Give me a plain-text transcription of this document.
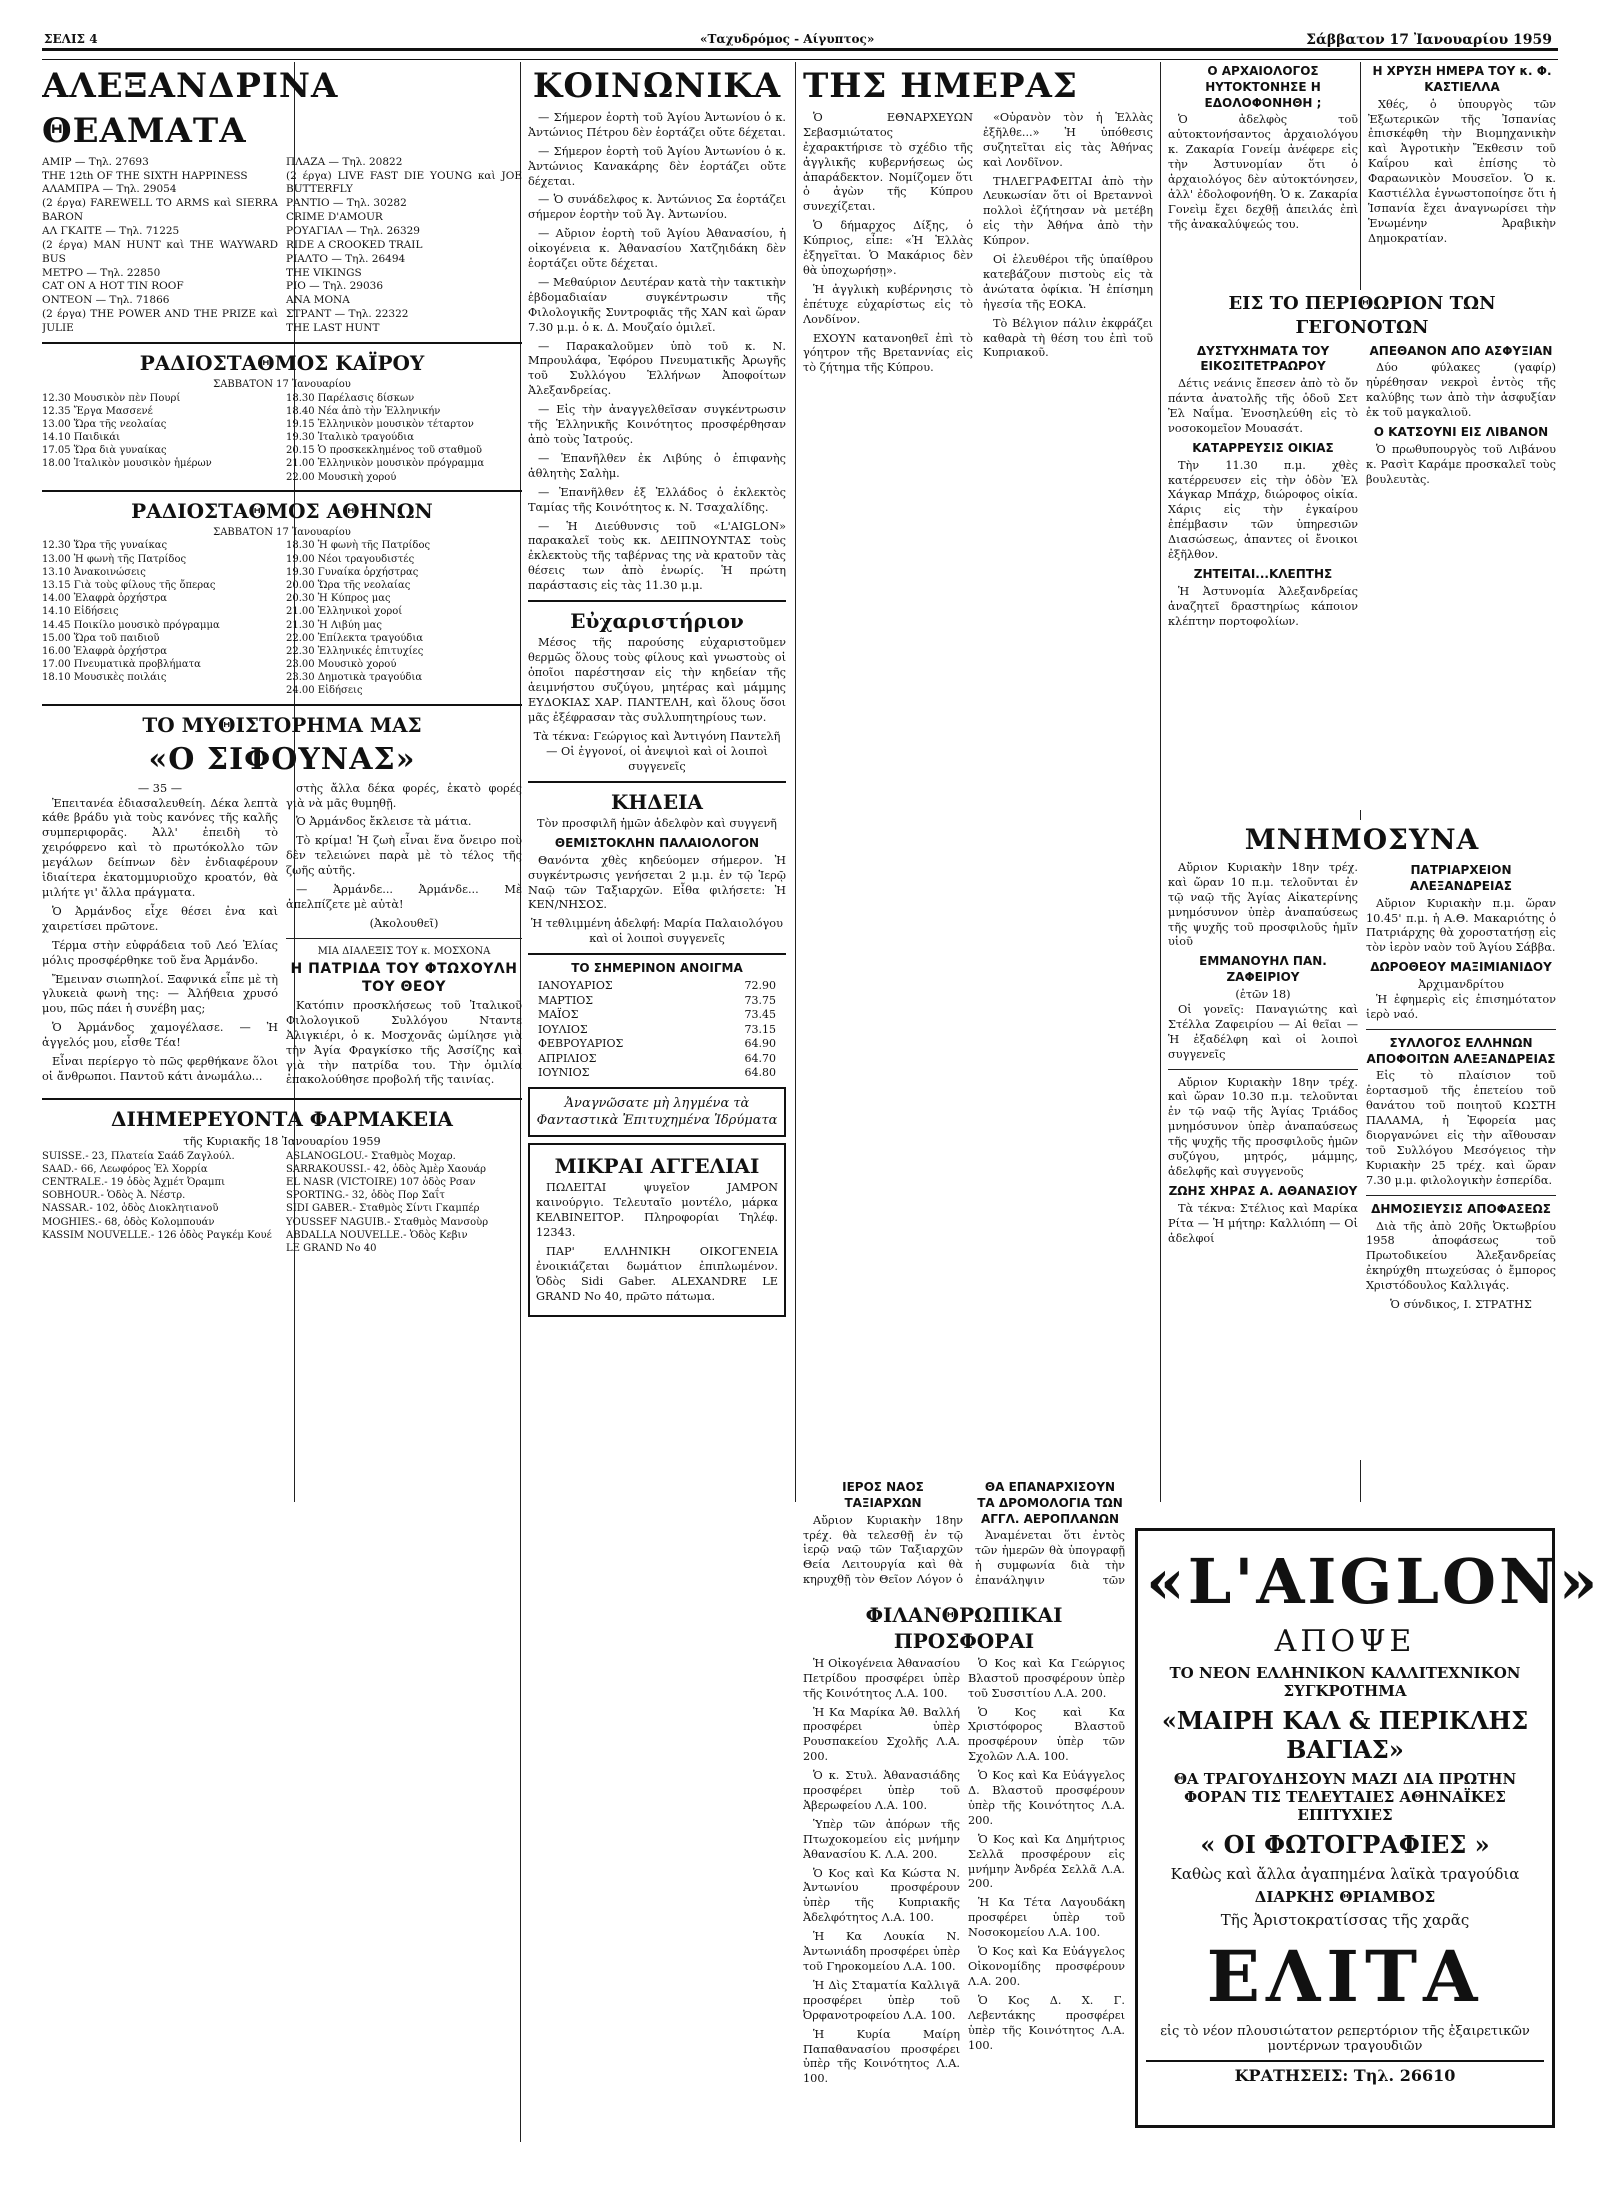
ΣΕΛΙΣ 4	«Ταχυδρόμος - Αίγυπτος»	Σάββατον 17 Ἰανουαρίου 1959
ΑΛΕΞΑΝΔΡΙΝΑ ΘΕΑΜΑΤΑ
ΑΜΙΡ — Τηλ. 27693
THE 12th OF THE SIXTH HAPPINESS
ΑΛΑΜΠΡΑ — Τηλ. 29054
(2 έργα) FAREWELL TO ARMS καὶ SIERRA BARON
ΑΛ ΓΚΑΙΤΕ — Τηλ. 71225
(2 έργα) MAN HUNT καὶ THE WAYWARD BUS
ΜΕΤΡΟ — Τηλ. 22850
CAT ON A HOT TIN ROOF
ΟΝΤΕΟΝ — Τηλ. 71866
(2 έργα) THE POWER AND THE PRIZE καὶ JULIE
ΠΛΑΖΑ — Τηλ. 20822
(2 έργα) LIVE FAST DIE YOUNG καὶ JOE BUTTERFLY
ΡΑΝΤΙΟ — Τηλ. 30282
CRIME D'AMOUR
ΡΟΥΑΓΙΑΛ — Τηλ. 26329
RIDE A CROOKED TRAIL
ΡΙΑΛΤΟ — Τηλ. 26494
THE VIKINGS
ΡΙΟ — Τηλ. 29036
ΑΝΑ ΜΟΝΑ
ΣΤΡΑΝΤ — Τηλ. 22322
THE LAST HUNT
ΡΑΔΙΟΣΤΑΘΜΟΣ ΚΑΪΡΟΥ
ΣΑΒΒΑΤΟΝ 17 Ἰανουαρίου
12.30 Μουσικὸν πὲν Πουρί
12.35 Ἔργα Μασσενέ
13.00 Ὥρα τῆς νεολαίας
14.10 Παιδικάι
17.05 Ὥρα διὰ γυναίκας
18.00 Ἰταλικὸν μουσικὸν ἡμέρων
18.30 Παρέλασις δίσκων
18.40 Νέα ἀπὸ τὴν Ἑλληνικήν
19.15 Ἑλληνικὸν μουσικὸν τέταρτον
19.30 Ἰταλικὸ τραγούδια
20.15 Ὁ προσκεκλημένος τοῦ σταθμοῦ
21.00 Ἑλληνικὸν μουσικὸν πρόγραμμα
22.00 Μουσικὴ χορού
ΡΑΔΙΟΣΤΑΘΜΟΣ ΑΘΗΝΩΝ
ΣΑΒΒΑΤΟΝ 17 Ἰανουαρίου
12.30 Ὥρα τῆς γυναίκας
13.00 Ἡ φωνὴ τῆς Πατρίδος
13.10 Ἀνακοινώσεις
13.15 Γιὰ τοὺς φίλους τῆς ὄπερας
14.00 Ἑλαφρὰ ὀρχήστρα
14.10 Εἰδήσεις
14.45 Ποικίλο μουσικὸ πρόγραμμα
15.00 Ὥρα τοῦ παιδιοῦ
16.00 Ἑλαφρὰ ὀρχήστρα
17.00 Πνευματικὰ προβλήματα
18.10 Μουσικὲς ποιλάις
18.30 Ἡ φωνὴ τῆς Πατρίδος
19.00 Νέοι τραγουδιστές
19.30 Γυναίκα ὀρχήστρας
20.00 Ὥρα τῆς νεολαίας
20.30 Ἡ Κύπρος μας
21.00 Ἑλληνικοὶ χοροί
21.30 Ἡ Λιβύη μας
22.00 Ἐπίλεκτα τραγούδια
22.30 Ἑλληνικές ἐπιτυχίες
23.00 Μουσικὸ χορού
23.30 Δημοτικὰ τραγούδια
24.00 Εἰδήσεις
ΤΟ ΜΥΘΙΣΤΟΡΗΜΑ ΜΑΣ
«Ο ΣΙΦΟΥΝΑΣ»
— 35 —

Ἐπειτανέα ἐδιασαλευθείη. Δέκα λεπτὰ κάθε βράδυ γιὰ τοὺς κανόνες τῆς καλῆς συμπεριφορᾶς. Ἀλλ' ἐπειδὴ τὸ χειρόφρενο καὶ τὸ πρωτόκολλο τῶν μεγάλων δείπνων δὲν ἐνδιαφέρουν ἰδιαίτερα ἐκατομμυριοῦχο κροατόν, θὰ μιλήτε γι' ἄλλα πράγματα.

Ὁ Ἀρμάνδος εἶχε θέσει ἐνα καὶ χαιρετίσει πρῶτονε.

Τέρμα στὴν εὐφράδεια τοῦ Λεό Ἐλίας μόλις προσφέρθηκε τοῦ ἔνα Ἀρμάνδο.

Ἔμειναν σιωπηλοί. Ξαφνικά εἶπε μὲ τὴ γλυκειὰ φωνὴ της: — Ἀλήθεια χρυσό μου, πῶς πάει ἡ συνέβη μας;

Ὁ Ἀρμάνδος χαμογέλασε. — Ἡ ἀγγελός μου, εἶσθε Τέα!

Εἶναι περίεργο τὸ πῶς φερθήκανε ὅλοι οἱ ἄνθρωποι. Παντοῦ κάτι ἀνωμάλω...

στὴς ἄλλα δέκα φορές, ἑκατὸ φορές γιὰ νὰ μᾶς θυμηθῇ.

Ὁ Ἀρμάνδος ἔκλεισε τὰ μάτια.

Τὸ κρίμα! Ἡ ζωὴ εἶναι ἕνα ὄνειρο ποὺ δὲν τελειώνει παρὰ μὲ τὸ τέλος τῆς ζωῆς αὐτῆς.

— Ἀρμάνδε... Ἀρμάνδε... Μὲ ἀπελπίζετε μὲ αὐτὰ!

(Ἀκολουθεῖ)
ΜΙΑ ΔΙΑΛΕΞΙΣ ΤΟΥ κ. ΜΟΣΧΟΝΑ
Η ΠΑΤΡΙΔΑ ΤΟΥ ΦΤΩΧΟΥΛΗ ΤΟΥ ΘΕΟΥ

Κατόπιν προσκλήσεως τοῦ Ἰταλικοῦ Φιλολογικοῦ Συλλόγου Νταντε Ἀλιγκιέρι, ὁ κ. Μοσχονᾶς ὡμίλησε γιὰ τὴν Ἀγία Φραγκίσκο τῆς Ἀσσίζης καὶ γιὰ τὴν πατρίδα του. Τὴν ὁμιλία ἐπακολούθησε προβολή τῆς ταινίας.

ΔΙΗΜΕΡΕΥΟΝΤΑ ΦΑΡΜΑΚΕΙΑ
τῆς Κυριακῆς 18 Ἰανουαρίου 1959
SUISSE.- 23, Πλατεία Σαάδ Ζαγλούλ.
SAAD.- 66, Λεωφόρος Ἐλ Χορρία
CENTRALE.- 19 ὁδὸς Ἀχμέτ Ὀραμπι
SOBHOUR.- Ὁδὸς Ἀ. Νέστρ.
NASSAR.- 102, ὁδὸς Διοκλητιανοῦ
MOGHIES.- 68, ὁδὸς Κολομπουάν
KASSIM NOUVELLE.- 126 ὁδὸς Ραγκέμ Κουέ
ASLANOGLOU.- Σταθμὸς Μοχαρ.
SARRAKOUSSI.- 42, ὁδὸς Ἀμὲρ Χαουάρ
EL NASR (VICTOIRE) 107 ὁδὸς Ρσαν
SPORTING.- 32, ὁδὸς Πορ Σαΐτ
SIDI GABER.- Σταθμὸς Σίντι Γκαμπέρ
YOUSSEF NAGUIB.- Σταθμὸς Μανσοὺρ
ABDALLA NOUVELLE.- Ὁδὸς Κεβιν
LE GRAND No 40
ΚΟΙΝΩΝΙΚΑ

— Σήμερον ἑορτὴ τοῦ Ἁγίου Ἀντωνίου ὁ κ. Ἀντώνιος Πέτρου δὲν ἑορτάζει οὔτε δέχεται.

— Σήμερον ἑορτὴ τοῦ Ἁγίου Ἀντωνίου ὁ κ. Ἀντώνιος Κανακάρης δὲν ἑορτάζει οὔτε δέχεται.

— Ὁ συνάδελφος κ. Ἀντώνιος Σα ἑορτάζει σήμερον ἑορτὴν τοῦ Ἁγ. Ἀντωνίου.

— Αὔριον ἑορτὴ τοῦ Ἁγίου Ἀθανασίου, ἡ οἰκογένεια κ. Ἀθανασίου Χατζηιδάκη δὲν ἑορτάζει οὔτε δέχεται.

— Μεθαύριον Δευτέραν κατὰ τὴν τακτικὴν ἑβδομαδιαίαν συγκέντρωσιν τῆς Φιλολογικῆς Συντροφιᾶς τῆς ΧΑΝ καὶ ὥραν 7.30 μ.μ. ὁ κ. Δ. Μουζαίο ὁμιλεῖ.

— Παρακαλοῦμεν ὑπὸ τοῦ κ. Ν. Μπρουλάφα, Ἐφόρου Πνευματικῆς Ἀρωγῆς τοῦ Συλλόγου Ἑλλήνων Ἀποφοίτων Ἀλεξανδρείας.

— Εἰς τὴν ἀναγγελθεῖσαν συγκέντρωσιν τῆς Ἑλληνικῆς Κοινότητος προσφέρθησαν ἀπὸ τοὺς Ἰατρούς.

— Ἐπανῆλθεν ἐκ Λιβύης ὁ ἐπιφανὴς ἀθλητὴς Σαλὴμ.

— Ἐπανῆλθεν ἐξ Ἑλλάδος ὁ ἐκλεκτὸς Ταμίας τῆς Κοινότητος κ. Ν. Τσαχαλίδης.

— Ἡ Διεύθυνσις τοῦ «L'AIGLON» παρακαλεῖ τοὺς κκ. ΔΕΙΠΝΟΥΝΤΑΣ τοὺς ἐκλεκτοὺς τῆς ταβέρνας της νὰ κρατοῦν τὰς θέσεις των ἀπὸ ἐνωρίς. Ἡ πρώτη παράστασις εἰς τὰς 11.30 μ.μ.

Εὐχαριστήριον

Μέσος τῆς παρούσης εὐχαριστοῦμεν θερμῶς ὅλους τοὺς φίλους καὶ γνωστοὺς οἱ ὁποῖοι παρέστησαν εἰς τὴν κηδείαν τῆς ἀειμνήστου συζύγου, μητέρας καὶ μάμμης ΕΥΔΟΚΙΑΣ ΧΑΡ. ΠΑΝΤΕΛΗ, καὶ ὅλους ὅσοι μᾶς ἐξέφρασαν τὰς συλλυπητηρίους των.

Τὰ τέκνα: Γεώργιος καὶ Ἀντιγόνη Παντελῆ — Οἱ ἐγγονοί, οἱ ἀνεψιοὶ καὶ οἱ λοιποὶ συγγενεῖς

ΚΗΔΕΙΑ

Τὸν προσφιλῆ ἡμῶν ἀδελφὸν καὶ συγγενῆ

ΘΕΜΙΣΤΟΚΛΗΝ ΠΑΛΑΙΟΛΟΓΟΝ

Θανόντα χθὲς κηδεύομεν σήμερον. Ἡ συγκέντρωσις γενήσεται 2 μ.μ. ἐν τῷ Ἱερῷ Ναῷ τῶν Ταξιαρχῶν. Εἶθα φιλήσετε: Ἡ ΚΕΝ/ΝΗΣΟΣ.

Ἡ τεθλιμμένη ἀδελφή: Μαρία Παλαιολόγου καὶ οἱ λοιποὶ συγγενεῖς

ΤΟ ΣΗΜΕΡΙΝΟΝ ΑΝΟΙΓΜΑ
ΙΑΝΟΥΑΡΙΟΣ	72.90
ΜΑΡΤΙΟΣ	73.75
ΜΑΪΟΣ	73.45
ΙΟΥΛΙΟΣ	73.15
ΦΕΒΡΟΥΑΡΙΟΣ	64.90
ΑΠΡΙΛΙΟΣ	64.70
ΙΟΥΝΙΟΣ	64.80
Ἀναγνῶσατε μὴ ληγμένα τὰ Φανταστικὰ Ἐπιτυχημένα Ἱδρύματα
ΜΙΚΡΑΙ ΑΓΓΕΛΙΑΙ

ΠΩΛΕΙΤΑΙ ψυγεῖον JAMPON καινούργιο. Τελευταῖο μοντέλο, μάρκα ΚΕΛΒΙΝΕΙΤΟΡ. Πληροφορίαι Τηλέφ. 12343.

ΠΑΡ' ΕΛΛΗΝΙΚΗ ΟΙΚΟΓΕΝΕΙΑ ἐνοικιάζεται δωμάτιον ἐπιπλωμένον. Ὁδὸς Sidi Gaber. ALEXANDRE LE GRAND No 40, πρῶτο πάτωμα.

ΤΗΣ ΗΜΕΡΑΣ

Ὁ ΕΘΝΑΡΧΕΥΩΝ Σεβασμιώτατος ἐχαρακτήρισε τὸ σχέδιο τῆς ἀγγλικῆς κυβερνήσεως ὡς ἀπαράδεκτον. Νομίζομεν ὅτι ὁ ἀγὼν τῆς Κύπρου συνεχίζεται.

Ὁ δήμαρχος Δίξης, ὁ Κύπριος, εἶπε: «Ἡ Ἑλλὰς ἐξηγεῖται. Ὁ Μακάριος δὲν θὰ ὑποχωρήσῃ».

Ἡ ἀγγλικὴ κυβέρνησις τὸ ἐπέτυχε εὐχαρίστως εἰς τὸ Λονδίνον.

ΕΧΟΥΝ κατανοηθεῖ ἐπὶ τὸ γόητρον τῆς Βρεταννίας εἰς τὸ ζήτημα τῆς Κύπρου.

«Οὐρανὸν τὸν ἡ Ἑλλὰς ἐξῆλθε...» Ἡ ὑπόθεσις συζητεῖται εἰς τὰς Ἀθήνας καὶ Λονδῖνον.

ΤΗΛΕΓΡΑΦΕΙΤΑΙ ἀπὸ τὴν Λευκωσίαν ὅτι οἱ Βρεταννοὶ πολλοὶ ἐζήτησαν νὰ μετέβη εἰς τὴν Ἀθήνα ἀπὸ τὴν Κύπρον.

Οἱ ἐλευθέροι τῆς ὑπαίθρου κατεβάζουν πιστοὺς εἰς τὰ ἀνώτατα ὀφίκια. Ἡ ἐπίσημη ἡγεσία τῆς ΕΟΚΑ.

Τὸ Βέλγιον πάλιν ἐκφράζει καθαρὰ τὴ θέση του ἐπὶ τοῦ Κυπριακοῦ.

Ο ΑΡΧΑΙΟΛΟΓΟΣ ΗΥΤΟΚΤΟΝΗΣΕ Η ΕΔΟΛΟΦΟΝΗΘΗ ;

Ὁ ἀδελφὸς τοῦ αὐτοκτονήσαντος ἀρχαιολόγου κ. Ζακαρία Γονείμ ἀνέφερε εἰς τὴν Ἀστυνομίαν ὅτι ὁ ἀρχαιολόγος δὲν αὐτοκτόνησεν, ἀλλ' ἐδολοφονήθη. Ὁ κ. Ζακαρία Γονεὶμ ἔχει δεχθῇ ἀπειλάς ἐπὶ τῆς ἀνακαλύψεώς του.

Η ΧΡΥΣΗ ΗΜΕΡΑ ΤΟΥ κ. Φ. ΚΑΣΤΙΕΛΛΑ

Χθές, ὁ ὑπουργὸς τῶν Ἐξωτερικῶν τῆς Ἰσπανίας ἐπισκέφθη τὴν Βιομηχανικὴν καὶ Ἀγροτικὴν Ἔκθεσιν τοῦ Καΐρου καὶ ἐπίσης τὸ Φαραωνικὸν Μουσεῖον. Ὁ κ. Καστιέλλα ἐγνωστοποίησε ὅτι ἡ Ἱσπανία ἔχει ἀναγνωρίσει τὴν Ἑνωμένην Ἀραβικὴν Δημοκρατίαν.

ΕΙΣ ΤΟ ΠΕΡΙΘΩΡΙΟΝ ΤΩΝ ΓΕΓΟΝΟΤΩΝ
ΔΥΣΤΥΧΗΜΑΤΑ ΤΟΥ ΕΙΚΟΣΙΤΕΤΡΑΩΡΟΥ

Δέτις νεάνις ἔπεσεν ἀπὸ τὸ ὄν πάντα ἀνατολῆς τῆς ὁδοῦ Σετ Ἐλ Ναΐμα. Ἐνοσηλεύθη εἰς τὸ νοσοκομεῖον Μουασάτ.

ΚΑΤΑΡΡΕΥΣΙΣ ΟΙΚΙΑΣ

Τὴν 11.30 π.μ. χθὲς κατέρρευσεν εἰς τὴν ὁδὸν Ἐλ Χάγκαρ Μπάχρ, διώροφος οἰκία. Χάρις εἰς τὴν ἐγκαίρου ἐπέμβασιν τῶν ὑπηρεσιῶν Διασώσεως, ἀπαντες οἱ ἔνοικοι ἐξῆλθον.

ΖΗΤΕΙΤΑΙ...ΚΛΕΠΤΗΣ

Ἡ Ἀστυνομία Ἀλεξανδρείας ἀναζητεῖ δραστηρίως κάποιον κλέπτην πορτοφολίων.

ΑΠΕΘΑΝΟΝ ΑΠΟ ΑΣΦΥΞΙΑΝ

Δύο φύλακες (γαφίρ) ηὑρέθησαν νεκροὶ ἐντὸς τῆς καλύβης των ἀπὸ τὴν ἀσφυξίαν ἐκ τοῦ μαγκαλιοῦ.

Ο ΚΑΤΣΟΥΝΙ ΕΙΣ ΛΙΒΑΝΟΝ

Ὁ πρωθυπουργὸς τοῦ Λιβάνου κ. Ρασὶτ Καράμε προσκαλεῖ τοὺς βουλευτὰς.

ΜΝΗΜΟΣΥΝΑ

Αὔριον Κυριακὴν 18ην τρέχ. καὶ ὥραν 10 π.μ. τελοῦνται ἐν τῷ ναῷ τῆς Ἁγίας Αἰκατερίνης μνημόσυνον ὑπὲρ ἀναπαύσεως τῆς ψυχῆς τοῦ προσφιλοῦς ἡμῖν υἱοῦ

ΕΜΜΑΝΟΥΗΛ ΠΑΝ. ΖΑΦΕΙΡΙΟΥ
(ἐτῶν 18)

Οἱ γονεῖς: Παναγιώτης καὶ Στέλλα Ζαφειρίου — Αἱ θεῖαι — Ἡ ἐξαδέλφη καὶ οἱ λοιποὶ συγγενεῖς

Αὔριον Κυριακὴν 18ην τρέχ. καὶ ὥραν 10.30 π.μ. τελοῦνται ἐν τῷ ναῷ τῆς Ἁγίας Τριάδος μνημόσυνον ὑπὲρ ἀναπαύσεως τῆς ψυχῆς τῆς προσφιλοῦς ἡμῶν συζύγου, μητρός, μάμμης, ἀδελφῆς καὶ συγγενοῦς

ΖΩΗΣ ΧΗΡΑΣ Α. ΑΘΑΝΑΣΙΟΥ

Τὰ τέκνα: Στέλιος καὶ Μαρίκα Ρίτα — Ἡ μήτηρ: Καλλιόπη — Οἱ ἀδελφοί

ΠΑΤΡΙΑΡΧΕΙΟΝ ΑΛΕΞΑΝΔΡΕΙΑΣ

Αὔριον Κυριακὴν π.μ. ὥραν 10.45' π.μ. ἡ Α.Θ. Μακαριότης ὁ Πατριάρχης θὰ χοροστατήσῃ εἰς τὸν ἱερὸν ναὸν τοῦ Ἁγίου Σάββα.

ΔΩΡΟΘΕΟΥ ΜΑΞΙΜΙΑΝΙΔΟΥ
Ἀρχιμανδρίτου

Ἡ ἐφημερὶς εἰς ἐπισημότατον ἱερὸ ναό.

ΣΥΛΛΟΓΟΣ ΕΛΛΗΝΩΝ ΑΠΟΦΟΙΤΩΝ ΑΛΕΞΑΝΔΡΕΙΑΣ

Εἰς τὸ πλαίσιον τοῦ ἑορτασμοῦ τῆς ἐπετείου τοῦ θανάτου τοῦ ποιητοῦ ΚΩΣΤΗ ΠΑΛΑΜΑ, ἡ Ἐφορεία μας διοργανώνει εἰς τὴν αἴθουσαν τοῦ Συλλόγου Μεσόγειος τὴν Κυριακὴν 25 τρέχ. καὶ ὥραν 7.30 μ.μ. φιλολογικὴν ἑσπερίδα.

ΔΗΜΟΣΙΕΥΣΙΣ ΑΠΟΦΑΣΕΩΣ

Διὰ τῆς ἀπὸ 20ῆς Ὀκτωβρίου 1958 ἀποφάσεως τοῦ Πρωτοδικείου Ἀλεξανδρείας ἐκηρύχθη πτωχεύσας ὁ ἔμπορος Χριστόδουλος Καλλιγάς.

Ὁ σύνδικος, Ι. ΣΤΡΑΤΗΣ

ΙΕΡΟΣ ΝΑΟΣ ΤΑΞΙΑΡΧΩΝ

Αὔριον Κυριακὴν 18ην τρέχ. θὰ τελεσθῇ ἐν τῷ ἱερῷ ναῷ τῶν Ταξιαρχῶν Θεία Λειτουργία καὶ θὰ κηρυχθῇ τὸν Θεῖον Λόγον ὁ

ΘΑ ΕΠΑΝΑΡΧΙΣΟΥΝ ΤΑ ΔΡΟΜΟΛΟΓΙΑ ΤΩΝ ΑΓΓΛ. ΑΕΡΟΠΛΑΝΩΝ

Ἀναμένεται ὅτι ἐντὸς τῶν ἡμερῶν θὰ ὑπογραφῇ ἡ συμφωνία διὰ τὴν ἐπανάληψιν τῶν

ΦΙΛΑΝΘΡΩΠΙΚΑΙ ΠΡΟΣΦΟΡΑΙ

Ἡ Οἰκογένεια Ἀθανασίου Πετρίδου προσφέρει ὑπὲρ τῆς Κοινότητος Λ.Α. 100.

Ἡ Κα Μαρίκα Ἀθ. Βαλλή προσφέρει ὑπὲρ Ρουσπακείου Σχολῆς Λ.Α. 200.

Ὁ κ. Στυλ. Ἀθανασιάδης προσφέρει ὑπὲρ τοῦ Ἀβερωφείου Λ.Α. 100.

Ὑπὲρ τῶν ἀπόρων τῆς Πτωχοκομείου εἰς μνήμην Ἀθανασίου Κ. Λ.Α. 200.

Ὁ Κος καὶ Κα Κώστα Ν. Ἀντωνίου προσφέρουν ὑπὲρ τῆς Κυπριακῆς Ἀδελφότητος Λ.Α. 100.

Ἡ Κα Λουκία Ν. Ἀντωνιάδη προσφέρει ὑπὲρ τοῦ Γηροκομείου Λ.Α. 100.

Ἡ Δὶς Σταματία Καλλιγᾶ προσφέρει ὑπὲρ τοῦ Ὀρφανοτροφείου Λ.Α. 100.

Ἡ Κυρία Μαίρη Παπαθανασίου προσφέρει ὑπὲρ τῆς Κοινότητος Λ.Α. 100.

Ὁ Κος καὶ Κα Γεώργιος Βλαστοῦ προσφέρουν ὑπὲρ τοῦ Συσσιτίου Λ.Α. 200.

Ὁ Κος καὶ Κα Χριστόφορος Βλαστοῦ προσφέρουν ὑπὲρ τῶν Σχολῶν Λ.Α. 100.

Ὁ Κος καὶ Κα Εὐάγγελος Δ. Βλαστοῦ προσφέρουν ὑπὲρ τῆς Κοινότητος Λ.Α. 200.

Ὁ Κος καὶ Κα Δημήτριος Σελλᾶ προσφέρουν εἰς μνήμην Ἀνδρέα Σελλᾶ Λ.Α. 200.

Ἡ Κα Τέτα Λαγουδάκη προσφέρει ὑπὲρ τοῦ Νοσοκομείου Λ.Α. 100.

Ὁ Κος καὶ Κα Εὐάγγελος Οἰκονομίδης προσφέρουν Λ.Α. 200.

Ὁ Κος Δ. Χ. Γ. Λεβεντάκης προσφέρει ὑπὲρ τῆς Κοινότητος Λ.Α. 100.

«L'AIGLON»
ΑΠΟΨΕ
ΤΟ ΝΕΟΝ ΕΛΛΗΝΙΚΟΝ ΚΑΛΛΙΤΕΧΝΙΚΟΝ ΣΥΓΚΡΟΤΗΜΑ
«ΜΑΙΡΗ ΚΑΛ & ΠΕΡΙΚΛΗΣ ΒΑΓΙΑΣ»
ΘΑ ΤΡΑΓΟΥΔΗΣΟΥΝ ΜΑΖΙ ΔΙΑ ΠΡΩΤΗΝ ΦΟΡΑΝ ΤΙΣ ΤΕΛΕΥΤΑΙΕΣ ΑΘΗΝΑΪΚΕΣ ΕΠΙΤΥΧΙΕΣ
« ΟΙ ΦΩΤΟΓΡΑΦΙΕΣ »
Καθὼς καὶ ἄλλα ἀγαπημένα λαϊκὰ τραγούδια
ΔΙΑΡΚΗΣ ΘΡΙΑΜΒΟΣ
Τῆς Ἀριστοκρατίσσας τῆς χαρᾶς
ΕΛΙΤΑ
εἰς τὸ νέον πλουσιώτατον ρεπερτόριον τῆς ἐξαιρετικῶν μοντέρνων τραγουδιῶν
ΚΡΑΤΗΣΕΙΣ: Τηλ. 26610
